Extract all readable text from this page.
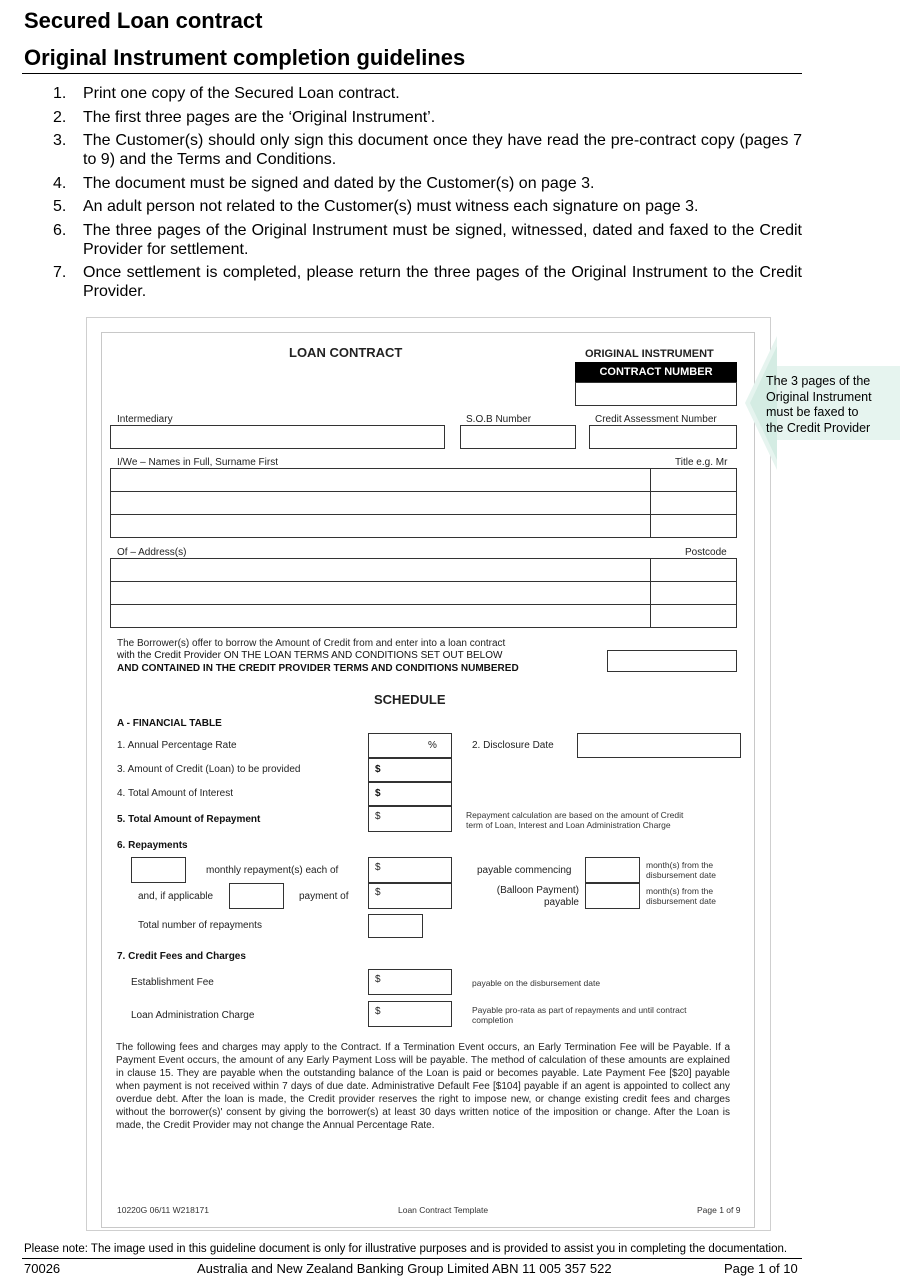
Secured Loan contract
Original Instrument completion guidelines
1. Print one copy of the Secured Loan contract.
2. The first three pages are the ‘Original Instrument’.
3. The Customer(s) should only sign this document once they have read the pre-contract copy (pages 7 to 9) and the Terms and Conditions.
4. The document must be signed and dated by the Customer(s) on page 3.
5. An adult person not related to the Customer(s) must witness each signature on page 3.
6. The three pages of the Original Instrument must be signed, witnessed, dated and faxed to the Credit Provider for settlement.
7. Once settlement is completed, please return the three pages of the Original Instrument to the Credit Provider.
The 3 pages of the
Original Instrument
must be faxed to
the Credit Provider
LOAN CONTRACT	ORIGINAL INSTRUMENT
CONTRACT NUMBER
Intermediary	S.O.B Number	Credit Assessment Number
I/We – Names in Full, Surname First	Title e.g. Mr
Of – Address(s)	Postcode
The Borrower(s) offer to borrow the Amount of Credit from and enter into a loan contract
with the Credit Provider ON THE LOAN TERMS AND CONDITIONS SET OUT BELOW
AND CONTAINED IN THE CREDIT PROVIDER TERMS AND CONDITIONS NUMBERED
SCHEDULE
A - FINANCIAL TABLE
1. Annual Percentage Rate	%	2. Disclosure Date
3. Amount of Credit (Loan) to be provided	$
4. Total Amount of Interest	$
5. Total Amount of Repayment	$	Repayment calculation are based on the amount of Credit
term of Loan, Interest and Loan Administration Charge
6. Repayments
monthly repayment(s) each of	$	payable commencing	month(s) from the
disbursement date
and, if applicable	payment of	$	(Balloon Payment)
payable
month(s) from the
disbursement date
Total number of repayments
7. Credit Fees and Charges
Establishment Fee	$	payable on the disbursement date
Loan Administration Charge	$	Payable pro-rata as part of repayments and until contract
completion
The following fees and charges may apply to the Contract. If a Termination Event occurs, an Early Termination Fee will be Payable. If a Payment Event occurs, the amount of any Early Payment Loss will be payable. The method of calculation of these amounts are explained in clause 15. They are payable when the outstanding balance of the Loan is paid or becomes payable. Late Payment Fee [$20] payable when payment is not received within 7 days of due date. Administrative Default Fee [$104] payable if an agent is appointed to collect any overdue debt. After the loan is made, the Credit provider reserves the right to impose new, or change existing credit fees and charges without the borrower(s)' consent by giving the borrower(s) at least 30 days written notice of the imposition or change. After the Loan is made, the Credit Provider may not change the Annual Percentage Rate.
10220G 06/11 W218171	Loan Contract Template	Page 1 of 9
Please note: The image used in this guideline document is only for illustrative purposes and is provided to assist you in completing the documentation.
70026	Australia and New Zealand Banking Group Limited ABN 11 005 357 522	Page 1 of 10
